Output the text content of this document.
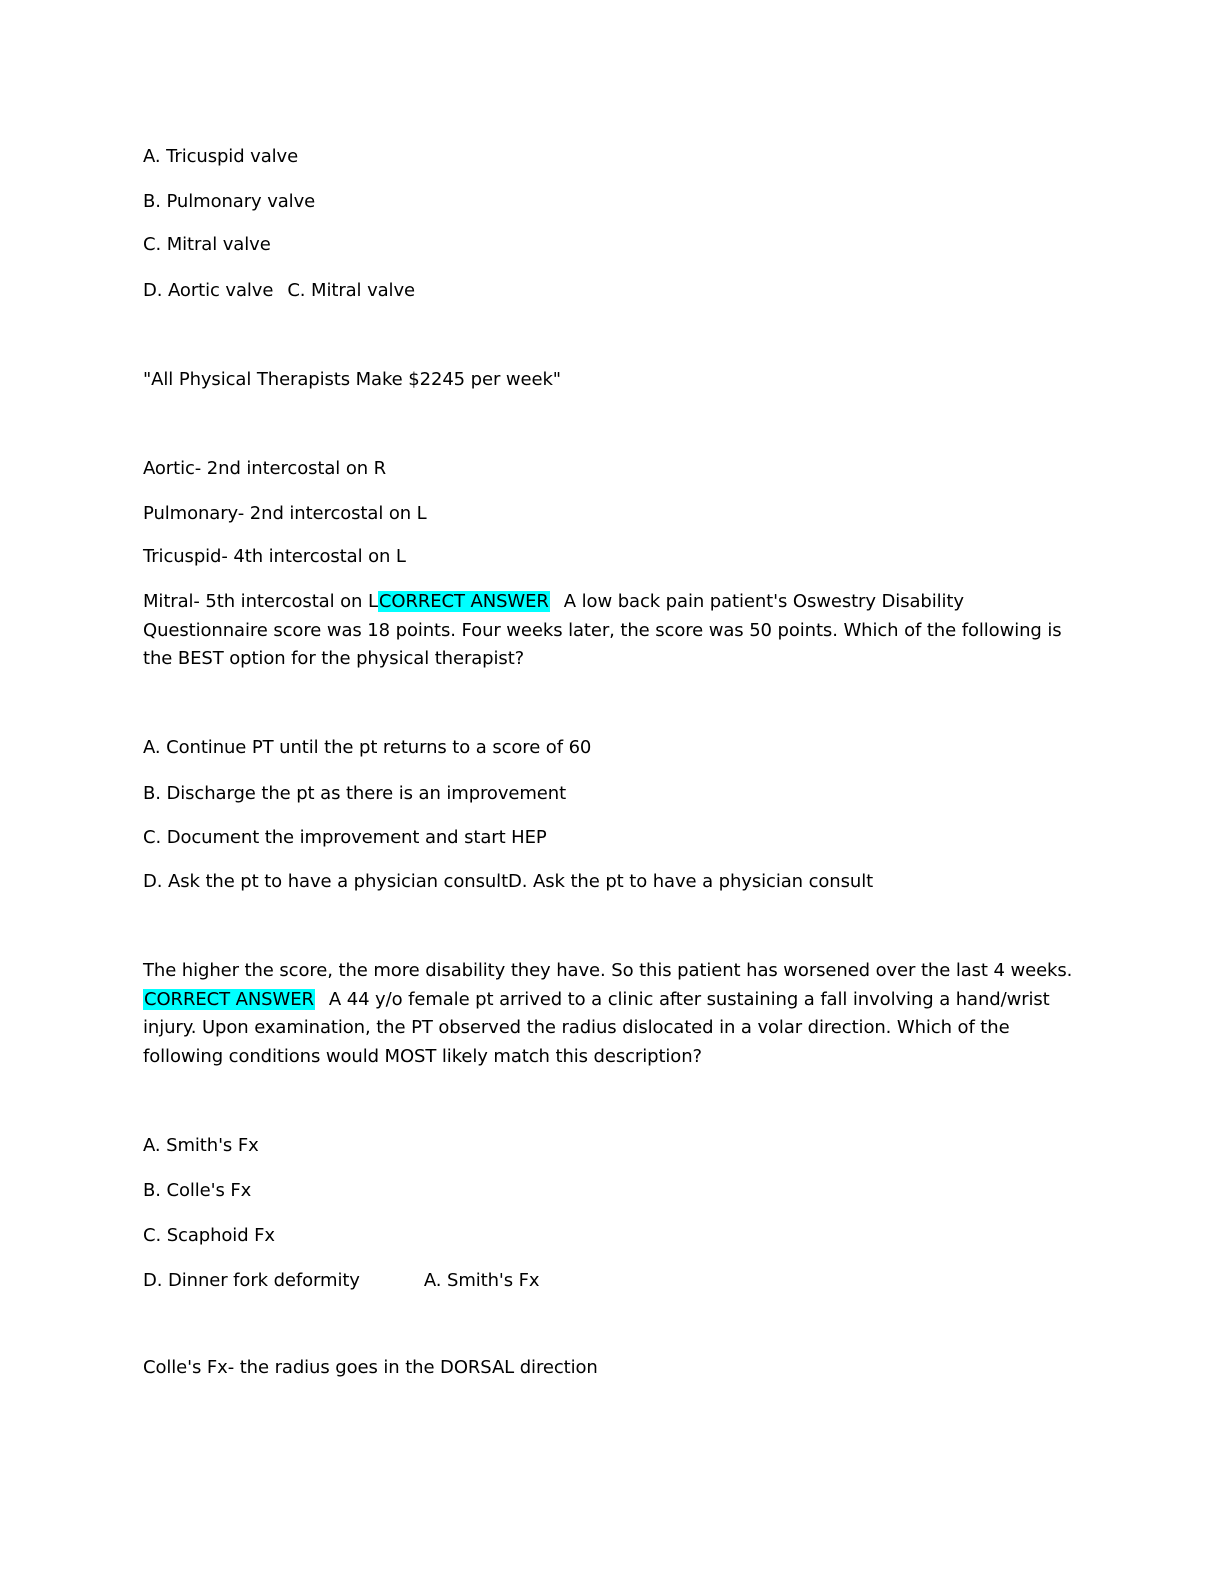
A. Tricuspid valve
B. Pulmonary valve
C. Mitral valve
D. Aortic valve C. Mitral valve
"All Physical Therapists Make $2245 per week"
Aortic- 2nd intercostal on R
Pulmonary- 2nd intercostal on L
Tricuspid- 4th intercostal on L
Mitral- 5th intercostal on LCORRECT ANSWER A low back pain patient's Oswestry Disability Questionnaire score was 18 points. Four weeks later, the score was 50 points. Which of the following is the BEST option for the physical therapist?
A. Continue PT until the pt returns to a score of 60
B. Discharge the pt as there is an improvement
C. Document the improvement and start HEP
D. Ask the pt to have a physician consultD. Ask the pt to have a physician consult
The higher the score, the more disability they have. So this patient has worsened over the last 4 weeks. CORRECT ANSWER A 44 y/o female pt arrived to a clinic after sustaining a fall involving a hand/wrist injury. Upon examination, the PT observed the radius dislocated in a volar direction. Which of the following conditions would MOST likely match this description?
A. Smith's Fx
B. Colle's Fx
C. Scaphoid Fx
D. Dinner fork deformity	A. Smith's Fx
Colle's Fx- the radius goes in the DORSAL direction
